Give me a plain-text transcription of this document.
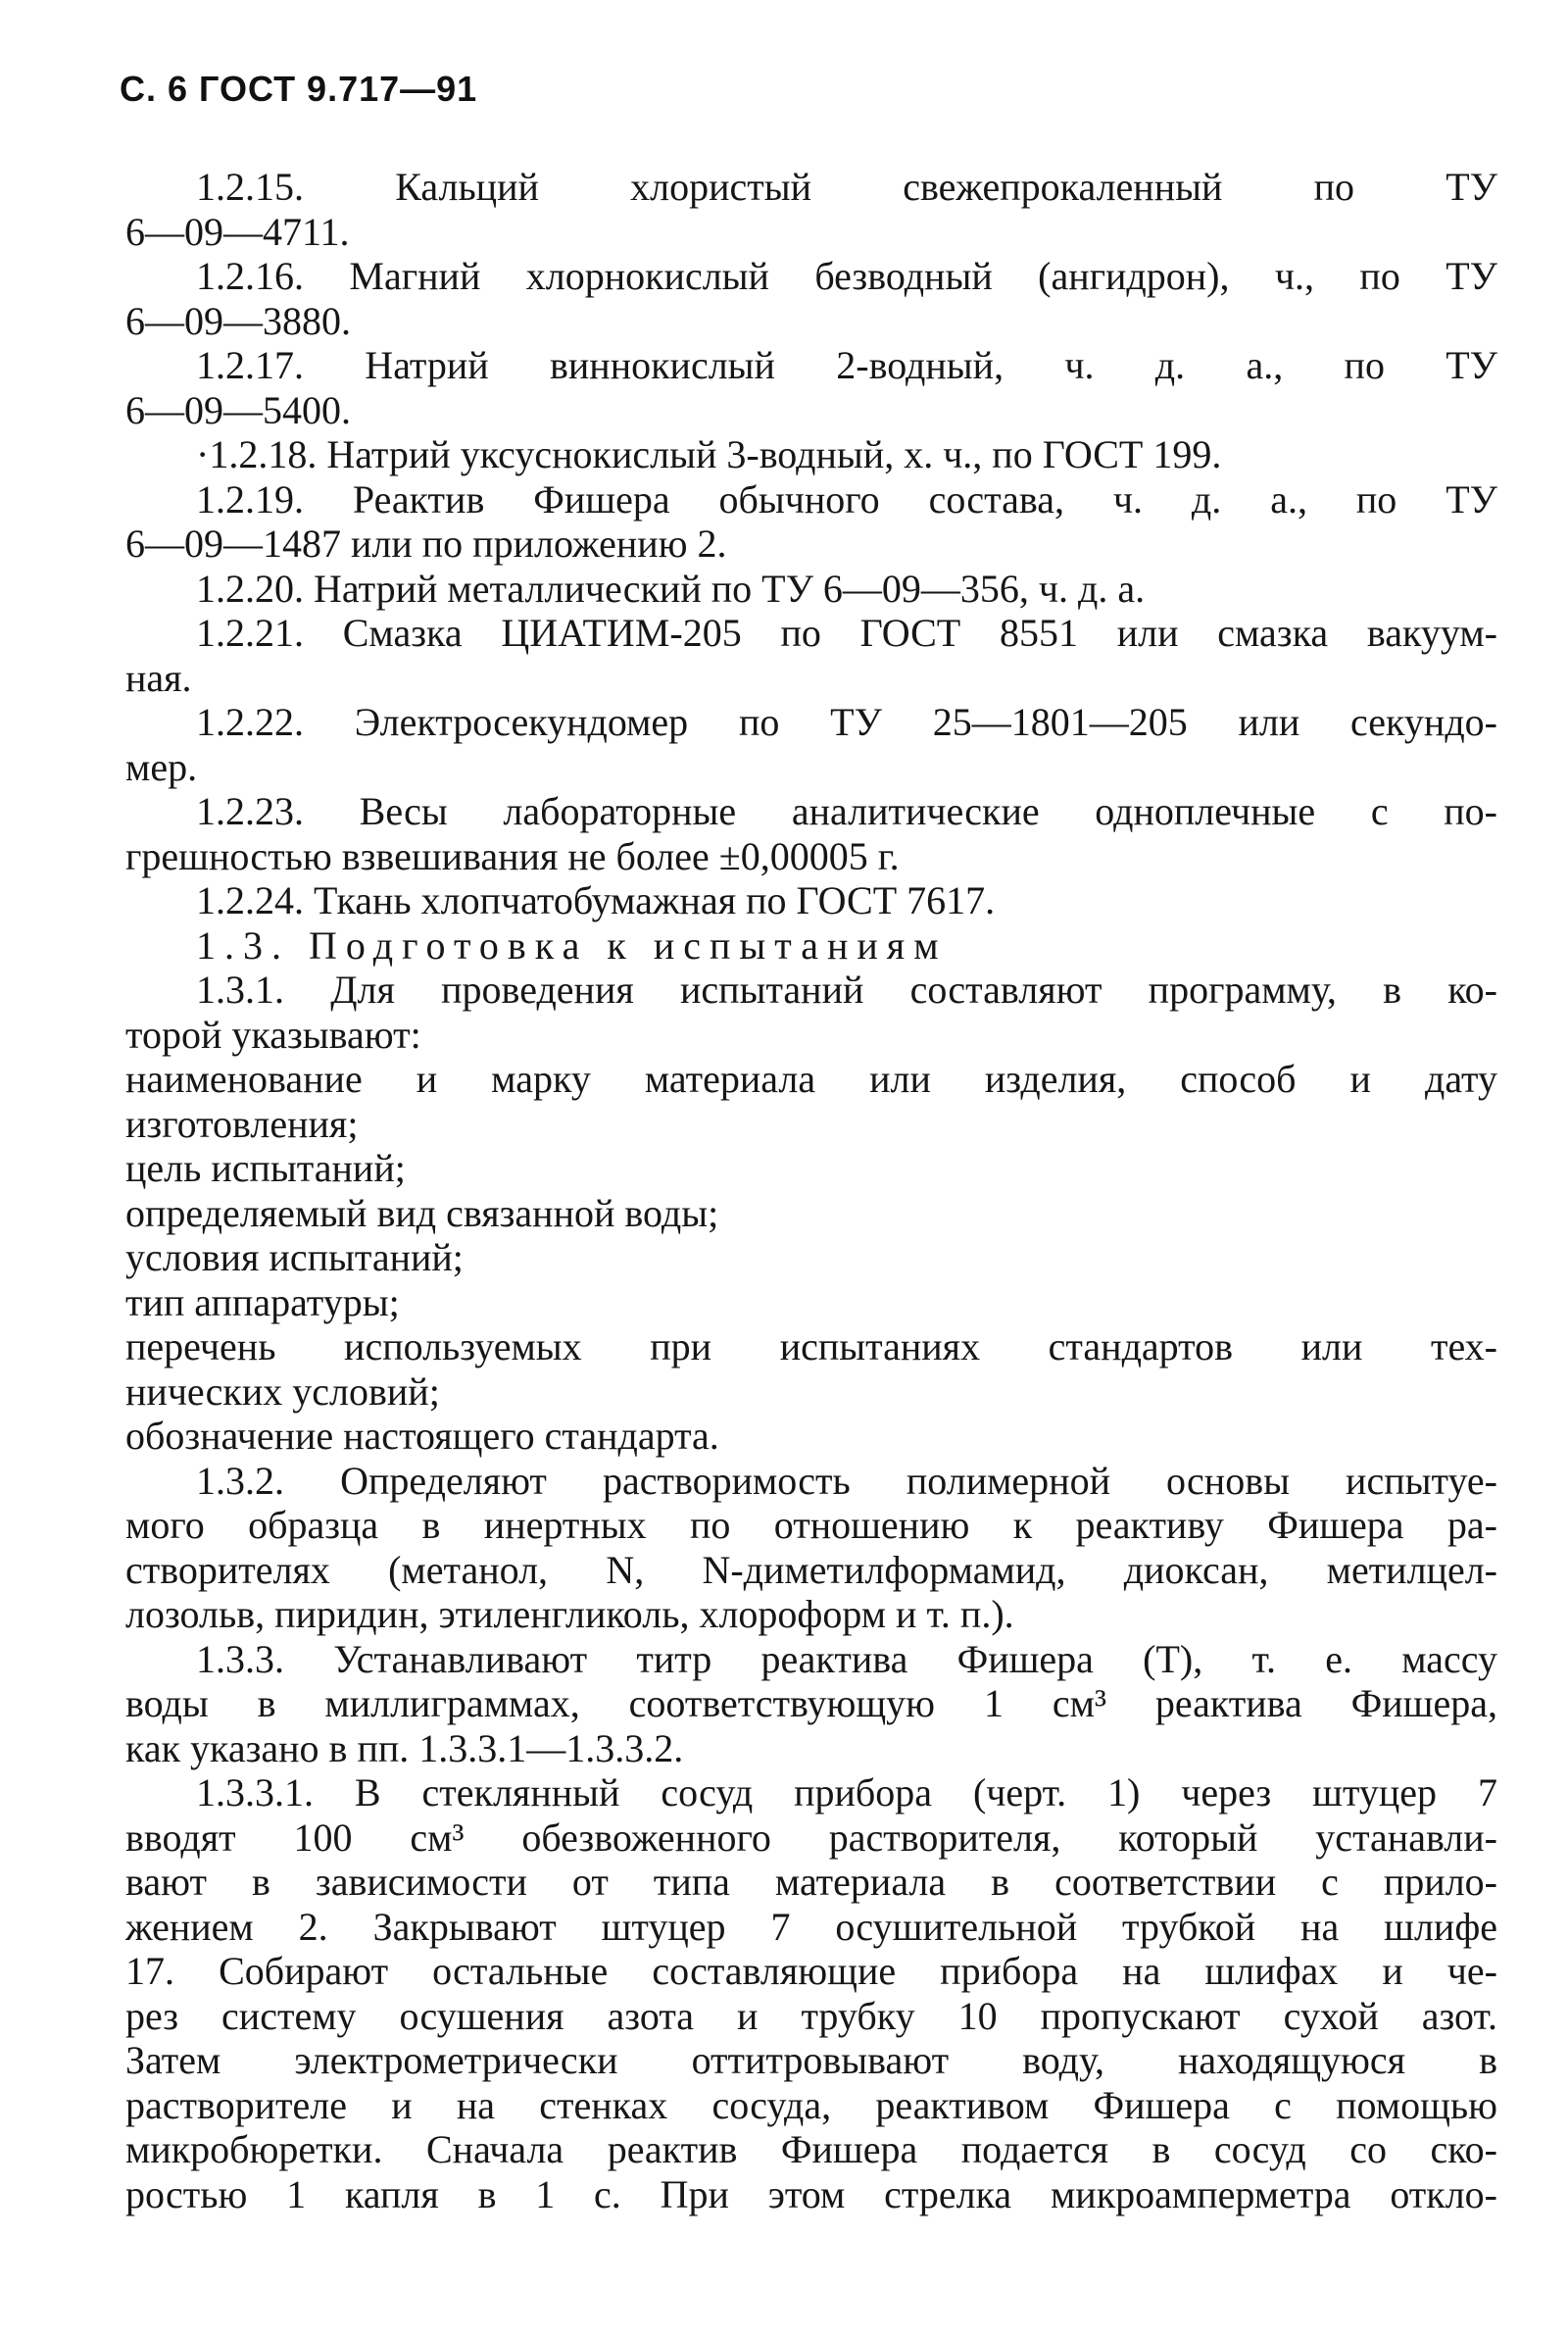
С. 6 ГОСТ 9.717—91
1.2.15. Кальций хлористый свежепрокаленный по ТУ
6—09—4711.
1.2.16. Магний хлорнокислый безводный (ангидрон), ч., по ТУ
6—09—3880.
1.2.17. Натрий виннокислый 2-водный, ч. д. а., по ТУ
6—09—5400.
·1.2.18. Натрий уксуснокислый 3-водный, х. ч., по ГОСТ 199.
1.2.19. Реактив Фишера обычного состава, ч. д. а., по ТУ
6—09—1487 или по приложению 2.
1.2.20. Натрий металлический по ТУ 6—09—356, ч. д. а.
1.2.21. Смазка ЦИАТИМ-205 по ГОСТ 8551 или смазка вакуум-
ная.
1.2.22. Электросекундомер по ТУ 25—1801—205 или секундо-
мер.
1.2.23. Весы лабораторные аналитические одноплечные с по-
грешностью взвешивания не более ±0,00005 г.
1.2.24. Ткань хлопчатобумажная по ГОСТ 7617.
1.3. Подготовка к испытаниям
1.3.1. Для проведения испытаний составляют программу, в ко-
торой указывают:
наименование и марку материала или изделия, способ и дату
изготовления;
цель испытаний;
определяемый вид связанной воды;
условия испытаний;
тип аппаратуры;
перечень используемых при испытаниях стандартов или тех-
нических условий;
обозначение настоящего стандарта.
1.3.2. Определяют растворимость полимерной основы испытуе-
мого образца в инертных по отношению к реактиву Фишера ра-
створителях (метанол, N, N-диметилформамид, диоксан, метилцел-
лозольв, пиридин, этиленгликоль, хлороформ и т. п.).
1.3.3. Устанавливают титр реактива Фишера (Т), т. е. массу
воды в миллиграммах, соответствующую 1 см³ реактива Фишера,
как указано в пп. 1.3.3.1—1.3.3.2.
1.3.3.1. В стеклянный сосуд прибора (черт. 1) через штуцер 7
вводят 100 см³ обезвоженного растворителя, который устанавли-
вают в зависимости от типа материала в соответствии с прило-
жением 2. Закрывают штуцер 7 осушительной трубкой на шлифе
17. Собирают остальные составляющие прибора на шлифах и че-
рез систему осушения азота и трубку 10 пропускают сухой азот.
Затем электрометрически оттитровывают воду, находящуюся в
растворителе и на стенках сосуда, реактивом Фишера с помощью
микробюретки. Сначала реактив Фишера подается в сосуд со ско-
ростью 1 капля в 1 с. При этом стрелка микроамперметра откло-
